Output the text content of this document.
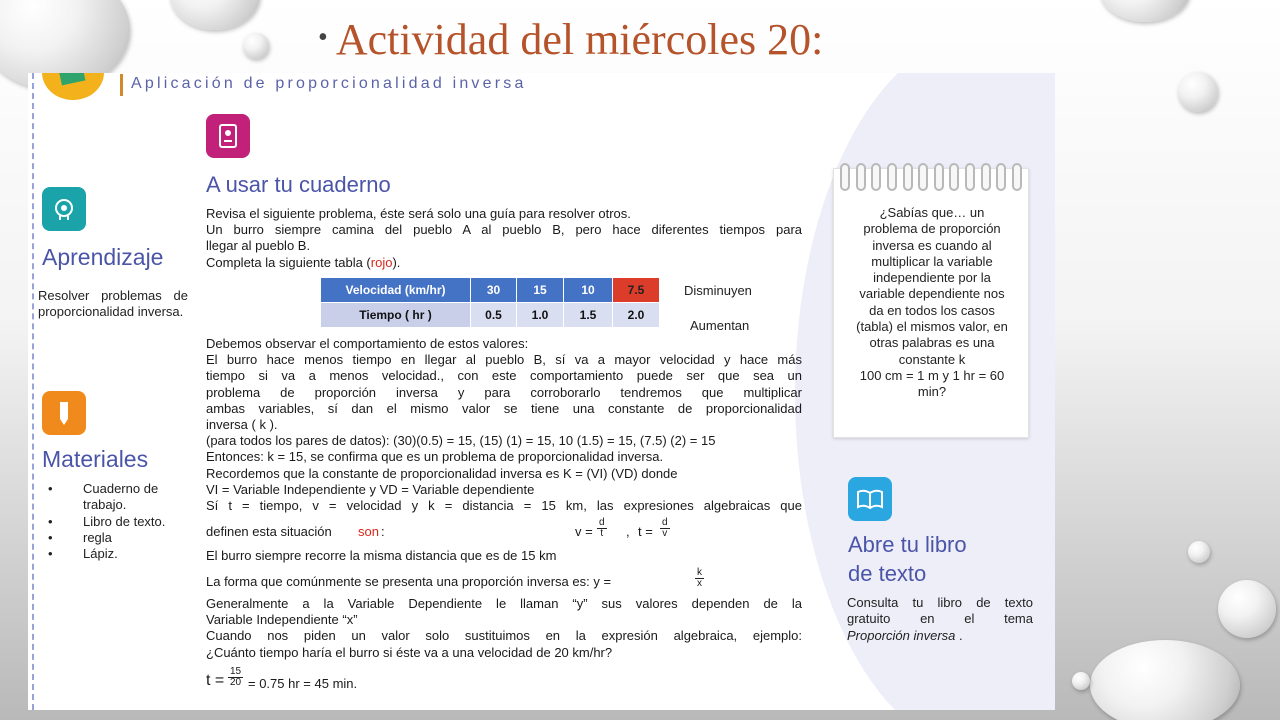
• Actividad del miércoles 20:
Aplicación de proporcionalidad inversa
Aprendizaje
Resolver problemas de proporcionalidad inversa.
Materiales
•	Cuaderno de trabajo.
•	Libro de texto.
•	regla
•	Lápiz.
A usar tu cuaderno

Revisa el siguiente problema, éste será solo una guía para resolver otros.

Un burro siempre camina del pueblo A al pueblo B, pero hace diferentes tiempos para

llegar al pueblo B.

Completa la siguiente tabla (rojo).

Velocidad (km/hr)	30	15	10	7.5
Tiempo ( hr )	0.5	1.0	1.5	2.0
Disminuyen
Aumentan

Debemos observar el comportamiento de estos valores:

El burro hace menos tiempo en llegar al pueblo B, sí va a mayor velocidad y hace más

tiempo si va a menos velocidad., con este comportamiento puede ser que sea un

problema de proporción inversa y para corroborarlo tendremos que multiplicar

ambas variables, sí dan el mismo valor se tiene una constante de proporcionalidad

inversa ( k ).

(para todos los pares de datos): (30)(0.5) = 15, (15) (1) = 15, 10 (1.5) = 15, (7.5) (2) = 15

Entonces: k = 15, se confirma que es un problema de proporcionalidad inversa.

Recordemos que la constante de proporcionalidad inversa es K = (VI) (VD) donde

VI = Variable Independiente y VD = Variable dependiente

Sí t = tiempo, v = velocidad y k = distancia = 15 km, las expresiones algebraicas que

definen esta situación son :	$v = \frac{d}{t}$ , $t = \frac{d}{v}$
El burro siempre recorre la misma distancia que es de 15 km
La forma que comúnmente se presenta una proporción inversa es: y =	$\frac{k}{x}$

Generalmente a la Variable Dependiente le llaman “y” sus valores dependen de la

Variable Independiente “x”

Cuando nos piden un valor solo sustituimos en la expresión algebraica, ejemplo:

¿Cuánto tiempo haría el burro si éste va a una velocidad de 20 km/hr?

$t = \frac{15}{20} = 0.75$ hr = 45 min.
¿Sabías que… un
problema de proporción
inversa es cuando al
multiplicar la variable
independiente por la
variable dependiente nos
da en todos los casos
(tabla) el mismos valor, en
otras palabras es una
constante k
100 cm = 1 m y 1 hr = 60
min?
Abre tu libro
de texto
Consulta tu libro de texto
gratuito en el tema
Proporción inversa .
